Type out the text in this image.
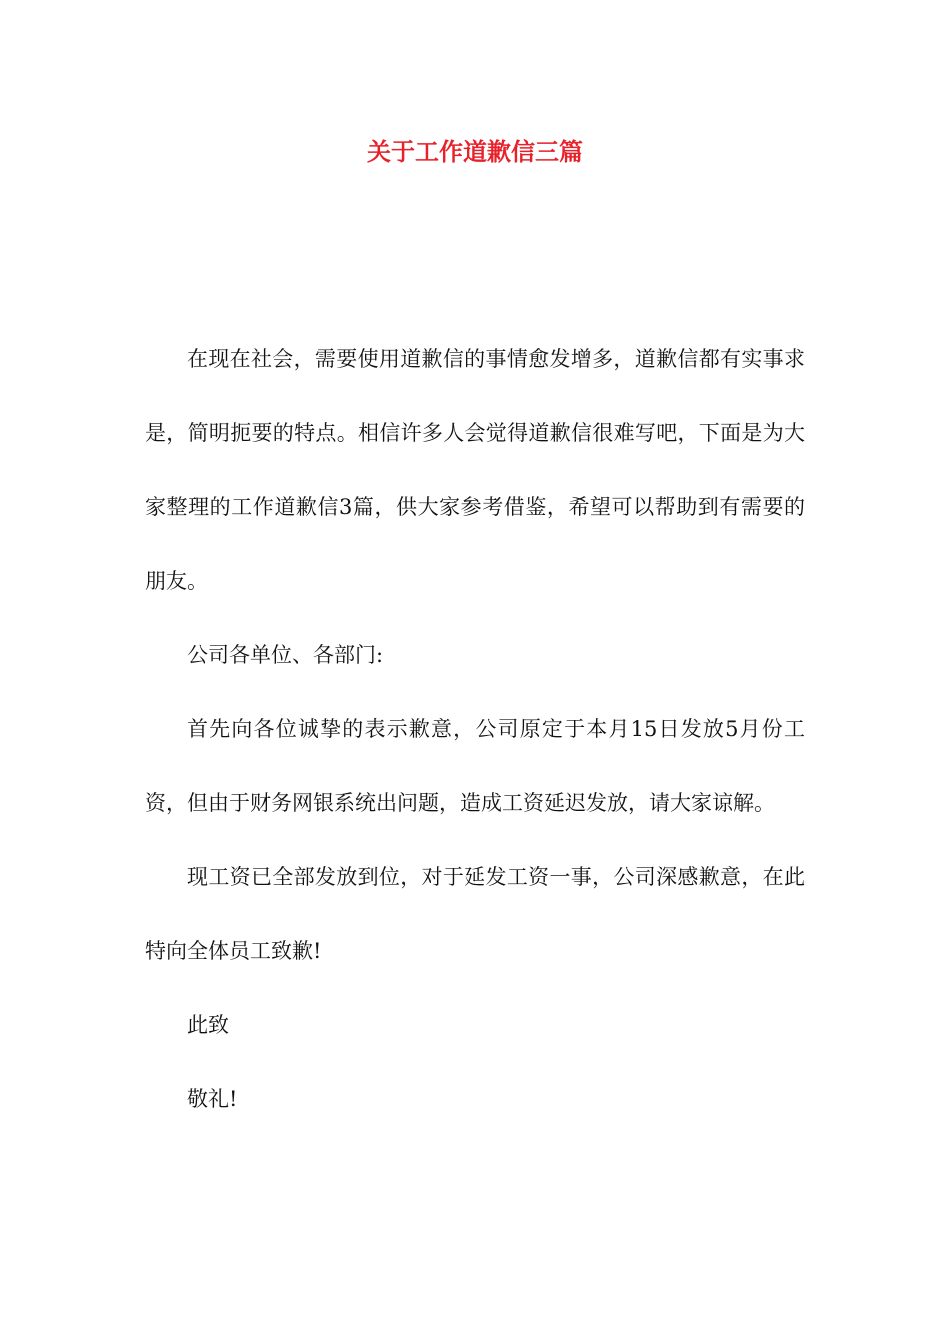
关于工作道歉信三篇

在现在社会，需要使用道歉信的事情愈发增多，道歉信都有实事求是，简明扼要的特点。相信许多人会觉得道歉信很难写吧，下面是为大家整理的工作道歉信3篇，供大家参考借鉴，希望可以帮助到有需要的朋友。

公司各单位、各部门:

首先向各位诚挚的表示歉意，公司原定于本月15日发放5月份工资，但由于财务网银系统出问题，造成工资延迟发放，请大家谅解。

现工资已全部发放到位，对于延发工资一事，公司深感歉意，在此特向全体员工致歉!

此致

敬礼!
